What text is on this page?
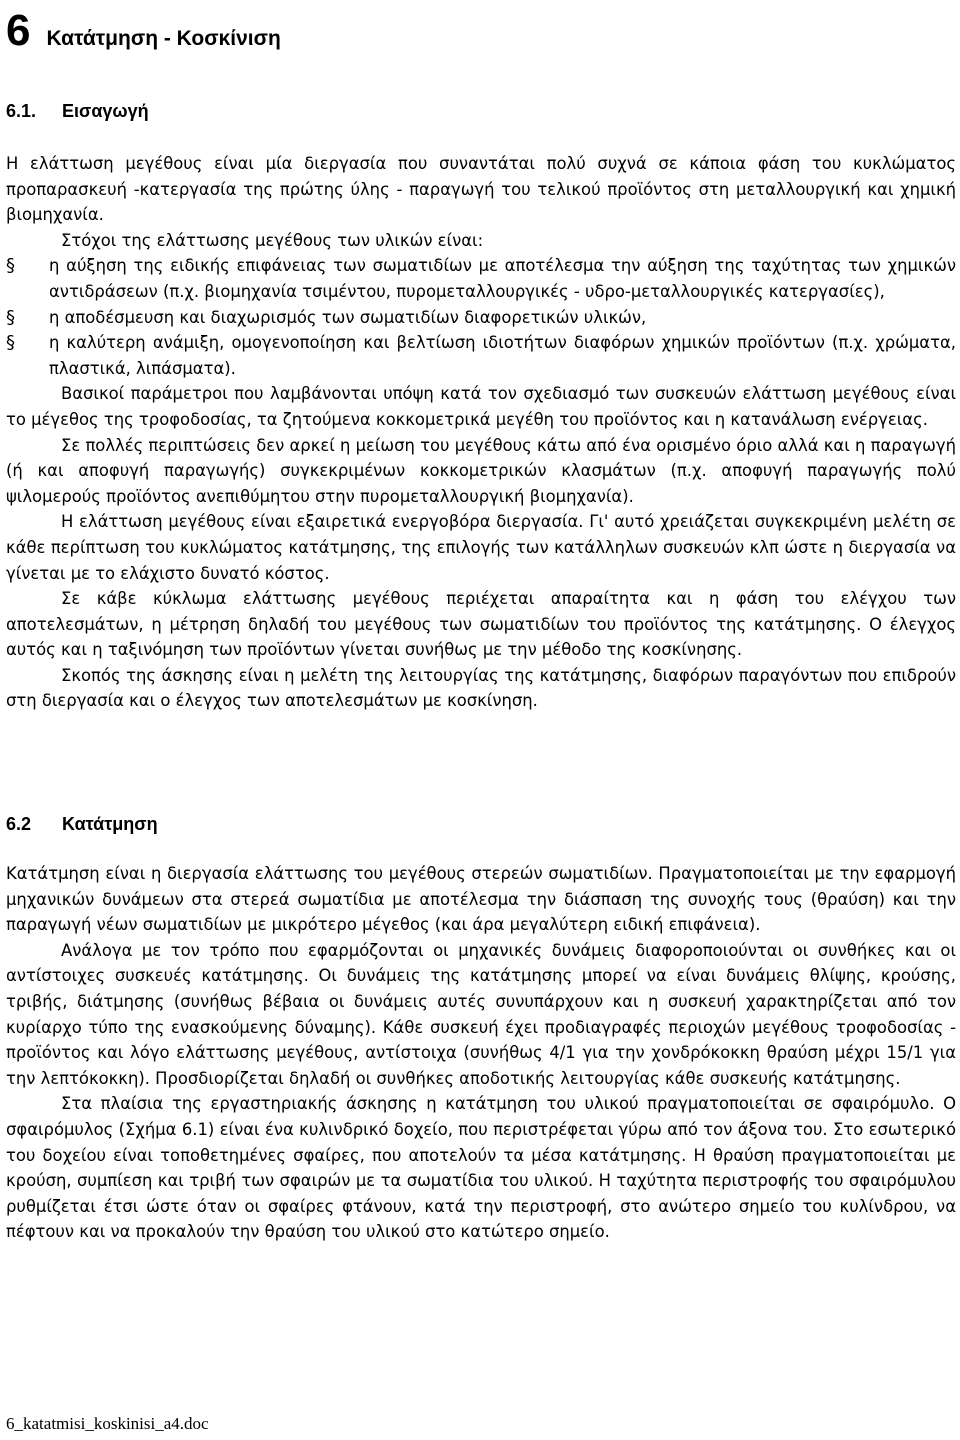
6 Κατάτμηση - Κοσκίνιση
6.1. Εισαγωγή

Η ελάττωση μεγέθους είναι μία διεργασία που συναντάται πολύ συχνά σε κάποια φάση του κυκλώματος προπαρασκευή -κατεργασία της πρώτης ύλης - παραγωγή του τελικού προϊόντος στη μεταλλουργική και χημική βιομηχανία.

Στόχοι της ελάττωσης μεγέθους των υλικών είναι:

§ η αύξηση της ειδικής επιφάνειας των σωματιδίων με αποτέλεσμα την αύξηση της ταχύτητας των χημικών αντιδράσεων (π.χ. βιομηχανία τσιμέντου, πυρομεταλλουργικές - υδρο-μεταλλουργικές κατεργασίες),
§ η αποδέσμευση και διαχωρισμός των σωματιδίων διαφορετικών υλικών,
§ η καλύτερη ανάμιξη, ομογενοποίηση και βελτίωση ιδιοτήτων διαφόρων χημικών προϊόντων (π.χ. χρώματα, πλαστικά, λιπάσματα).

Βασικοί παράμετροι που λαμβάνονται υπόψη κατά τον σχεδιασμό των συσκευών ελάττωση μεγέθους είναι το μέγεθος της τροφοδοσίας, τα ζητούμενα κοκκομετρικά μεγέθη του προϊόντος και η κατανάλωση ενέργειας.

Σε πολλές περιπτώσεις δεν αρκεί η μείωση του μεγέθους κάτω από ένα ορισμένο όριο αλλά και η παραγωγή (ή και αποφυγή παραγωγής) συγκεκριμένων κοκκομετρικών κλασμάτων (π.χ. αποφυγή παραγωγής πολύ ψιλομερούς προϊόντος ανεπιθύμητου στην πυρομεταλλουργική βιομηχανία).

Η ελάττωση μεγέθους είναι εξαιρετικά ενεργοβόρα διεργασία. Γι' αυτό χρειάζεται συγκεκριμένη μελέτη σε κάθε περίπτωση του κυκλώματος κατάτμησης, της επιλογής των κατάλληλων συσκευών κλπ ώστε η διεργασία να γίνεται με το ελάχιστο δυνατό κόστος.

Σε κάβε κύκλωμα ελάττωσης μεγέθους περιέχεται απαραίτητα και η φάση του ελέγχου των αποτελεσμάτων, η μέτρηση δηλαδή του μεγέθους των σωματιδίων του προϊόντος της κατάτμησης. Ο έλεγχος αυτός και η ταξινόμηση των προϊόντων γίνεται συνήθως με την μέθοδο της κοσκίνησης.

Σκοπός της άσκησης είναι η μελέτη της λειτουργίας της κατάτμησης, διαφόρων παραγόντων που επιδρούν στη διεργασία και ο έλεγχος των αποτελεσμάτων με κοσκίνηση.

6.2 Κατάτμηση

Κατάτμηση είναι η διεργασία ελάττωσης του μεγέθους στερεών σωματιδίων. Πραγματοποιείται με την εφαρμογή μηχανικών δυνάμεων στα στερεά σωματίδια με αποτέλεσμα την διάσπαση της συνοχής τους (θραύση) και την παραγωγή νέων σωματιδίων με μικρότερο μέγεθος (και άρα μεγαλύτερη ειδική επιφάνεια).

Ανάλογα με τον τρόπο που εφαρμόζονται οι μηχανικές δυνάμεις διαφοροποιούνται οι συνθήκες και οι αντίστοιχες συσκευές κατάτμησης. Οι δυνάμεις της κατάτμησης μπορεί να είναι δυνάμεις θλίψης, κρούσης, τριβής, διάτμησης (συνήθως βέβαια οι δυνάμεις αυτές συνυπάρχουν και η συσκευή χαρακτηρίζεται από τον κυρίαρχο τύπο της ενασκούμενης δύναμης). Κάθε συσκευή έχει προδιαγραφές περιοχών μεγέθους τροφοδοσίας - προϊόντος και λόγο ελάττωσης μεγέθους, αντίστοιχα (συνήθως 4/1 για την χονδρόκοκκη θραύση μέχρι 15/1 για την λεπτόκοκκη). Προσδιορίζεται δηλαδή οι συνθήκες αποδοτικής λειτουργίας κάθε συσκευής κατάτμησης.

Στα πλαίσια της εργαστηριακής άσκησης η κατάτμηση του υλικού πραγματοποιείται σε σφαιρόμυλο. Ο σφαιρόμυλος (Σχήμα 6.1) είναι ένα κυλινδρικό δοχείο, που περιστρέφεται γύρω από τον άξονα του. Στο εσωτερικό του δοχείου είναι τοποθετημένες σφαίρες, που αποτελούν τα μέσα κατάτμησης. Η θραύση πραγματοποιείται με κρούση, συμπίεση και τριβή των σφαιρών με τα σωματίδια του υλικού. Η ταχύτητα περιστροφής του σφαιρόμυλου ρυθμίζεται έτσι ώστε όταν οι σφαίρες φτάνουν, κατά την περιστροφή, στο ανώτερο σημείο του κυλίνδρου, να πέφτουν και να προκαλούν την θραύση του υλικού στο κατώτερο σημείο.

6_katatmisi_koskinisi_a4.doc
